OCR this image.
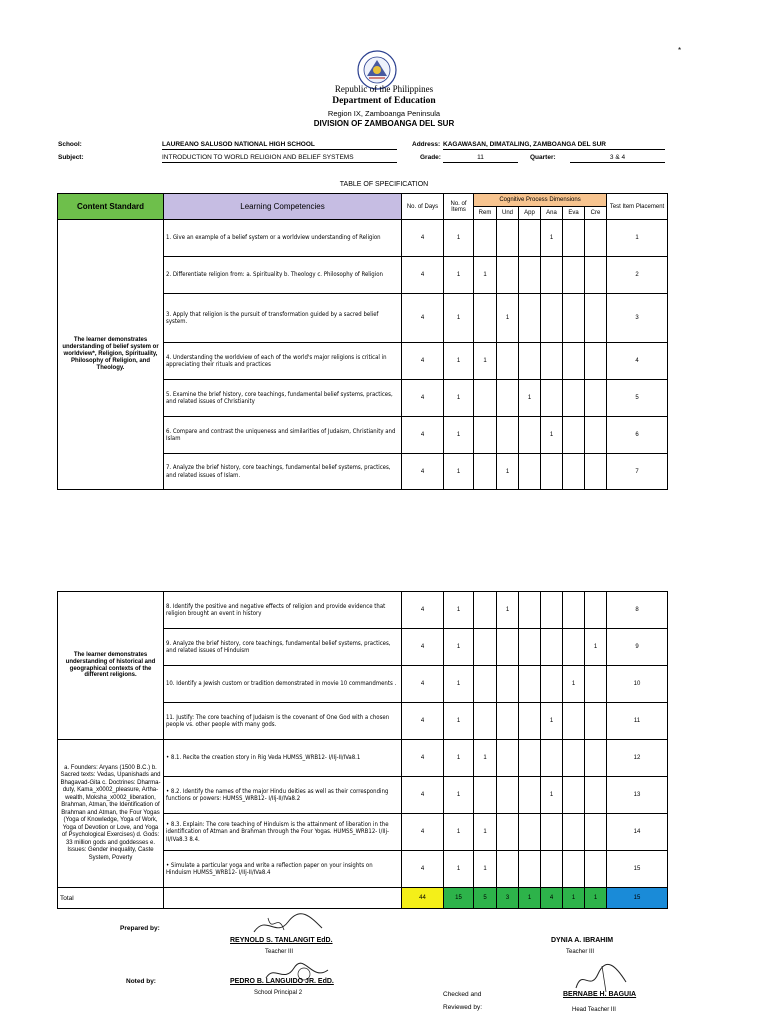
*
Republic of the Philippines
Department of Education
Region IX, Zamboanga Peninsula
DIVISION OF ZAMBOANGA DEL SUR
School:	LAUREANO SALUSOD NATIONAL HIGH SCHOOL	Address: KAGAWASAN, DIMATALING, ZAMBOANGA DEL SUR
Subject:	INTRODUCTION TO WORLD RELIGION AND BELIEF SYSTEMS	Grade:	11	Quarter:	3 & 4
TABLE OF SPECIFICATION
Content Standard	Learning Competencies	No. of Days	No. of Items	Cognitive Process Dimensions						Test Item Placement
				Rem	Und	App	Ana	Eva	Cre	
The learner demonstrates understanding of belief system or worldview*, Religion, Spirituality, Philosophy of Religion, and Theology.	1. Give an example of a belief system or a worldview understanding of Religion	4	1				1			1
	2. Differentiate religion from: a. Spirituality b. Theology c. Philosophy of Religion	4	1	1						2
	3. Apply that religion is the pursuit of transformation guided by a sacred belief system.	4	1		1					3
	4. Understanding the worldview of each of the world's major religions is critical in appreciating their rituals and practices	4	1	1						4
	5. Examine the brief history, core teachings, fundamental belief systems, practices, and related issues of Christianity	4	1			1				5
	6. Compare and contrast the uniqueness and similarities of Judaism, Christianity and Islam	4	1				1			6
	7. Analyze the brief history, core teachings, fundamental belief systems, practices, and related issues of Islam.	4	1		1					7
The learner demonstrates understanding of historical and geographical contexts of the different religions.	8. Identify the positive and negative effects of religion and provide evidence that religion brought an event in history	4	1		1					8
	9. Analyze the brief history, core teachings, fundamental belief systems, practices, and related issues of Hinduism	4	1						1	9
	10. Identify a Jewish custom or tradition demonstrated in movie 10 commandments .	4	1					1		10
	11. Justify: The core teaching of Judaism is the covenant of One God with a chosen people vs. other people with many gods.	4	1				1			11
a. Founders: Aryans (1500 B.C.) b. Sacred texts: Vedas, Upanishads and Bhagavad-Gita c. Doctrines: Dharma-duty, Kama_x0002_pleasure, Artha-wealth, Moksha_x0002_liberation, Brahman, Atman, the Identification of Brahman and Atman, the Four Yogas (Yoga of Knowledge, Yoga of Work, Yoga of Devotion or Love, and Yoga of Psychological Exercises) d. Gods: 33 million gods and goddesses e. Issues: Gender inequality, Caste System, Poverty	• 8.1. Recite the creation story in Rig Veda HUMSS_WRB12- I/IIj-II/IVa8.1	4	1	1						12
	• 8.2. Identify the names of the major Hindu deities as well as their corresponding functions or powers: HUMSS_WRB12- I/IIj-II/IVa8.2	4	1				1			13
	• 8.3. Explain: The core teaching of Hinduism is the attainment of liberation in the identification of Atman and Brahman through the Four Yogas. HUMSS_WRB12- I/IIj-II/IVa8.3 8.4.	4	1	1						14
	• Simulate a particular yoga and write a reflection paper on your insights on Hinduism HUMSS_WRB12- I/IIj-II/IVa8.4	4	1	1						15
Total		44	15	5	3	1	4	1	1	15
Prepared by:
REYNOLD S. TANLANGIT EdD.
Teacher III
DYNIA A. IBRAHIM
Teacher III
Noted by:	PEDRO B. LANGUIDO JR. EdD.
School Principal 2	Checked and
Reviewed by:
BERNABE H. BAGUIA
Head Teacher III
